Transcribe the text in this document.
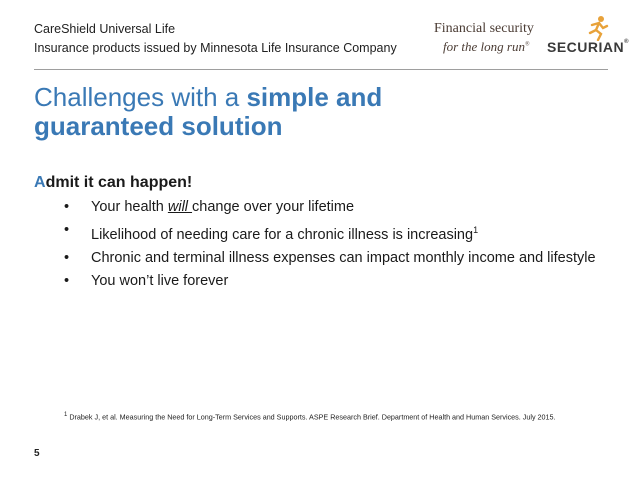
CareShield Universal Life
Insurance products issued by Minnesota Life Insurance Company
Financial security
for the long run® SECURIAN®
Challenges with a simple and
guaranteed solution
Admit it can happen!
• Your health will change over your lifetime
• Likelihood of needing care for a chronic illness is increasing$^1$
• Chronic and terminal illness expenses can impact monthly income and lifestyle
• You won’t live forever
$^1$ Drabek J, et al. Measuring the Need for Long-Term Services and Supports. ASPE Research Brief. Department of Health and Human Services. July 2015.
5
